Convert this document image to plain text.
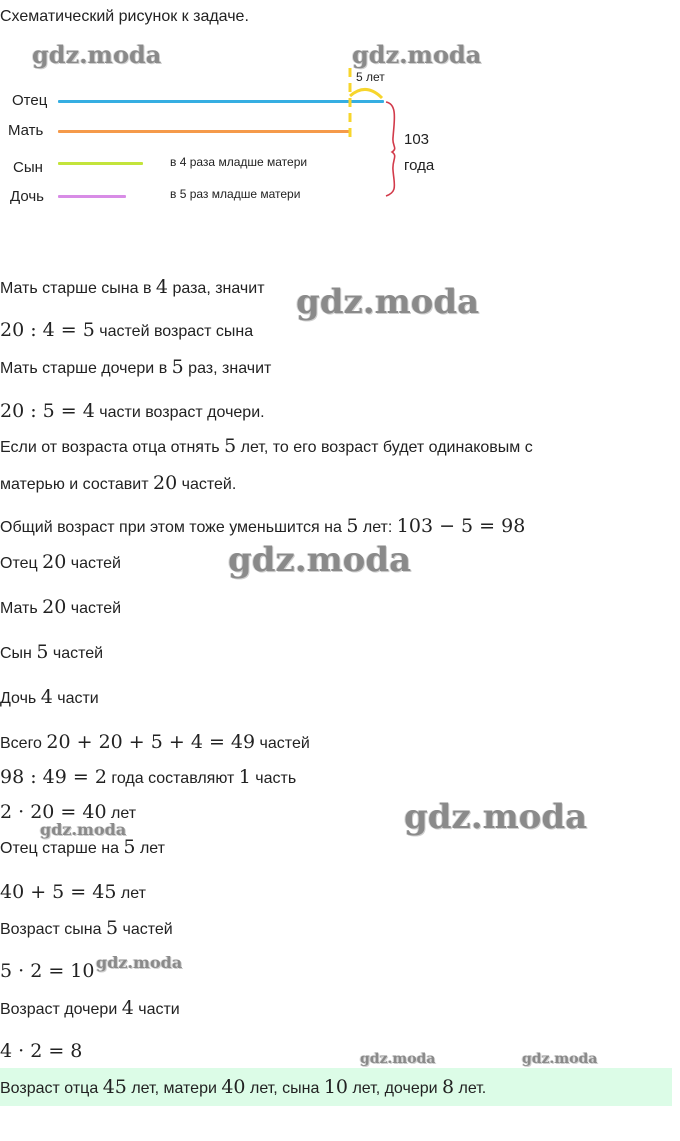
Схематический рисунок к задаче.
Отец
Мать
Сын
Дочь
5 лет
103
года
в 4 раза младше матери
в 5 раз младше матери
Мать старше сына в 4 раза, значит
20 : 4 = 5 частей возраст сына
Мать старше дочери в 5 раз, значит
20 : 5 = 4 части возраст дочери.
Если от возраста отца отнять 5 лет, то его возраст будет одинаковым с
матерью и составит 20 частей.
Общий возраст при этом тоже уменьшится на 5 лет: 103 − 5 = 98
Отец 20 частей
Мать 20 частей
Сын 5 частей
Дочь 4 части
Всего 20 + 20 + 5 + 4 = 49 частей
98 : 49 = 2 года составляют 1 часть
2 · 20 = 40 лет
Отец старше на 5 лет
40 + 5 = 45 лет
Возраст сына 5 частей
5 · 2 = 10
Возраст дочери 4 части
4 · 2 = 8
Возраст отца 45 лет, матери 40 лет, сына 10 лет, дочери 8 лет.
gdz.moda	gdz.moda
gdz.moda
gdz.moda
gdz.moda
gdz.moda
gdz.moda
gdz.moda	gdz.moda
